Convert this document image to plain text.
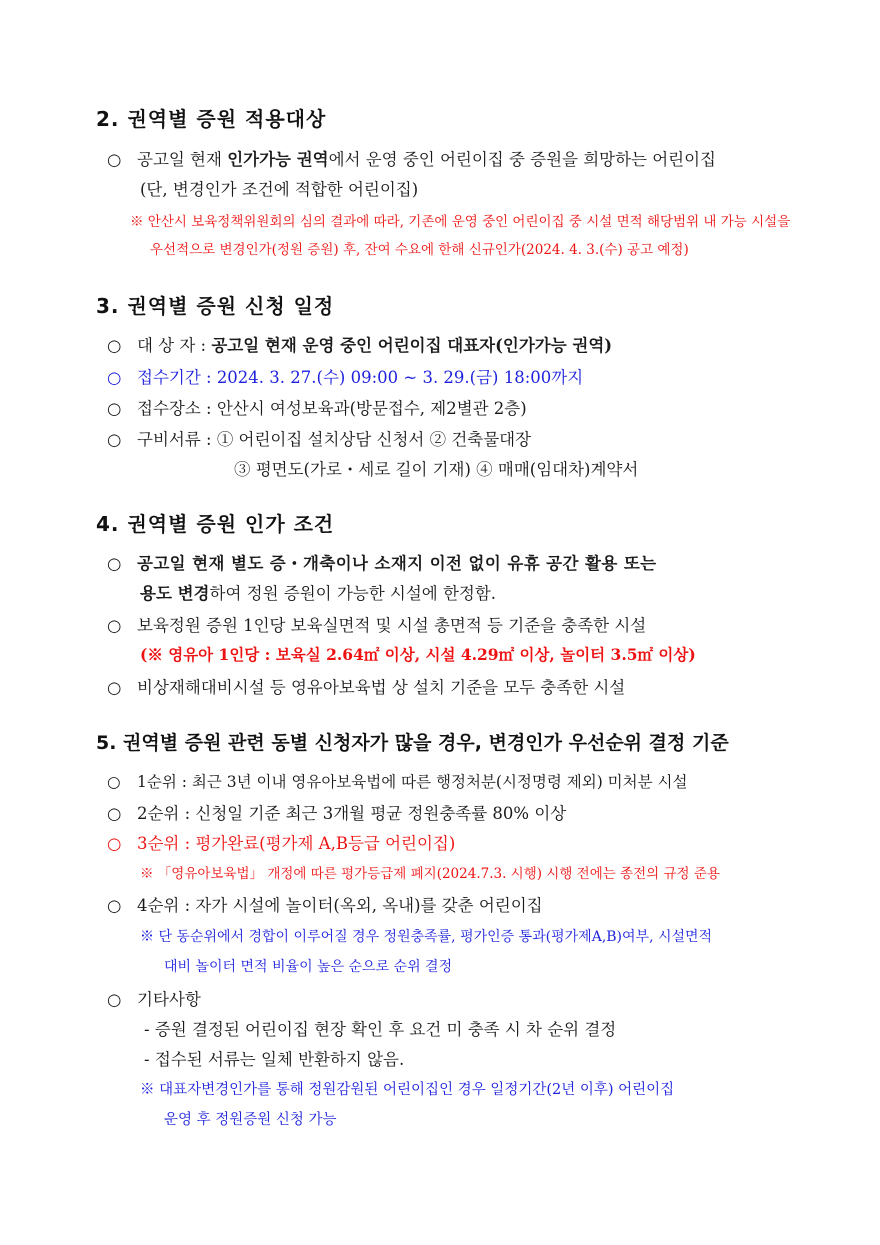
2. 권역별 증원 적용대상
○ 공고일 현재 인가가능 권역에서 운영 중인 어린이집 중 증원을 희망하는 어린이집
(단, 변경인가 조건에 적합한 어린이집)
※ 안산시 보육정책위원회의 심의 결과에 따라, 기존에 운영 중인 어린이집 중 시설 면적 해당범위 내 가능 시설을
우선적으로 변경인가(정원 증원) 후, 잔여 수요에 한해 신규인가(2024. 4. 3.(수) 공고 예정)
3. 권역별 증원 신청 일정
○ 대 상 자 : 공고일 현재 운영 중인 어린이집 대표자(인가가능 권역)
○ 접수기간 : 2024. 3. 27.(수) 09:00 ~ 3. 29.(금) 18:00까지
○ 접수장소 : 안산시 여성보육과(방문접수, 제2별관 2층)
○ 구비서류 : ① 어린이집 설치상담 신청서 ② 건축물대장
③ 평면도(가로・세로 길이 기재) ④ 매매(임대차)계약서
4. 권역별 증원 인가 조건
○ 공고일 현재 별도 증・개축이나 소재지 이전 없이 유휴 공간 활용 또는
용도 변경하여 정원 증원이 가능한 시설에 한정함.
○ 보육정원 증원 1인당 보육실면적 및 시설 총면적 등 기준을 충족한 시설
(※ 영유아 1인당 : 보육실 2.64㎡ 이상, 시설 4.29㎡ 이상, 놀이터 3.5㎡ 이상)
○ 비상재해대비시설 등 영유아보육법 상 설치 기준을 모두 충족한 시설
5. 권역별 증원 관련 동별 신청자가 많을 경우, 변경인가 우선순위 결정 기준
○ 1순위 : 최근 3년 이내 영유아보육법에 따른 행정처분(시정명령 제외) 미처분 시설
○ 2순위 : 신청일 기준 최근 3개월 평균 정원충족률 80% 이상
○ 3순위 : 평가완료(평가제 A,B등급 어린이집)
※ 「영유아보육법」 개정에 따른 평가등급제 폐지(2024.7.3. 시행) 시행 전에는 종전의 규정 준용
○ 4순위 : 자가 시설에 놀이터(옥외, 옥내)를 갖춘 어린이집
※ 단 동순위에서 경합이 이루어질 경우 정원충족률, 평가인증 통과(평가제A,B)여부, 시설면적
대비 놀이터 면적 비율이 높은 순으로 순위 결정
○ 기타사항
- 증원 결정된 어린이집 현장 확인 후 요건 미 충족 시 차 순위 결정
- 접수된 서류는 일체 반환하지 않음.
※ 대표자변경인가를 통해 정원감원된 어린이집인 경우 일정기간(2년 이후) 어린이집
운영 후 정원증원 신청 가능
